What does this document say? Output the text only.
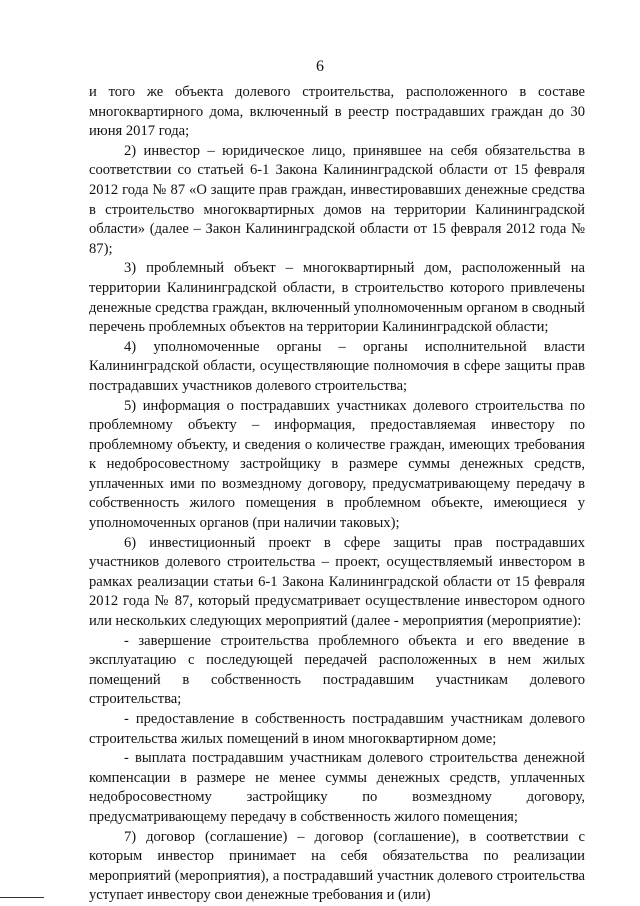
6

и того же объекта долевого строительства, расположенного в составе многоквартирного дома, включенный в реестр пострадавших граждан до 30 июня 2017 года;

2) инвестор – юридическое лицо, принявшее на себя обязательства в соответствии со статьей 6-1 Закона Калининградской области от 15 февраля 2012 года № 87 «О защите прав граждан, инвестировавших денежные средства в строительство многоквартирных домов на территории Калининградской области» (далее – Закон Калининградской области от 15 февраля 2012 года № 87);

3) проблемный объект – многоквартирный дом, расположенный на территории Калининградской области, в строительство которого привлечены денежные средства граждан, включенный уполномоченным органом в сводный перечень проблемных объектов на территории Калининградской области;

4) уполномоченные органы – органы исполнительной власти Калининградской области, осуществляющие полномочия в сфере защиты прав пострадавших участников долевого строительства;

5) информация о пострадавших участниках долевого строительства по проблемному объекту – информация, предоставляемая инвестору по проблемному объекту, и сведения о количестве граждан, имеющих требования к недобросовестному застройщику в размере суммы денежных средств, уплаченных ими по возмездному договору, предусматривающему передачу в собственность жилого помещения в проблемном объекте, имеющиеся у уполномоченных органов (при наличии таковых);

6) инвестиционный проект в сфере защиты прав пострадавших участников долевого строительства – проект, осуществляемый инвестором в рамках реализации статьи 6-1 Закона Калининградской области от 15 февраля 2012 года № 87, который предусматривает осуществление инвестором одного или нескольких следующих мероприятий (далее - мероприятия (мероприятие):

- завершение строительства проблемного объекта и его введение в эксплуатацию с последующей передачей расположенных в нем жилых помещений в собственность пострадавшим участникам долевого строительства;

- предоставление в собственность пострадавшим участникам долевого строительства жилых помещений в ином многоквартирном доме;

- выплата пострадавшим участникам долевого строительства денежной компенсации в размере не менее суммы денежных средств, уплаченных недобросовестному застройщику по возмездному договору, предусматривающему передачу в собственность жилого помещения;

7) договор (соглашение) – договор (соглашение), в соответствии с которым инвестор принимает на себя обязательства по реализации мероприятий (мероприятия), а пострадавший участник долевого строительства уступает инвестору свои денежные требования и (или)
